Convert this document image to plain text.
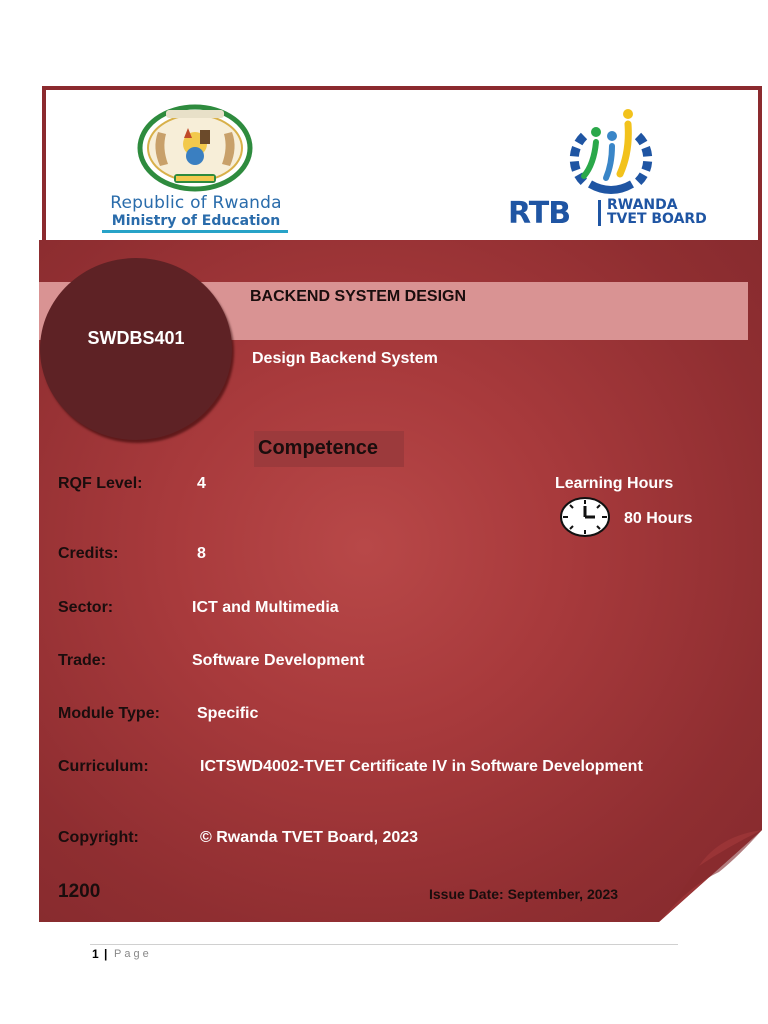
Republic of Rwanda
Ministry of Education	RTB	RWANDA
TVET BOARD
BACKEND SYSTEM DESIGN
Design Backend System
SWDBS401
Competence
RQF Level:	4
Credits:	8
Sector:	ICT and Multimedia
Trade:	Software Development
Module Type: Specific
Curriculum:	ICTSWD4002-TVET Certificate IV in Software Development
Copyright:	© Rwanda TVET Board, 2023
Learning Hours
80 Hours
1200	Issue Date: September, 2023
1 | Page
